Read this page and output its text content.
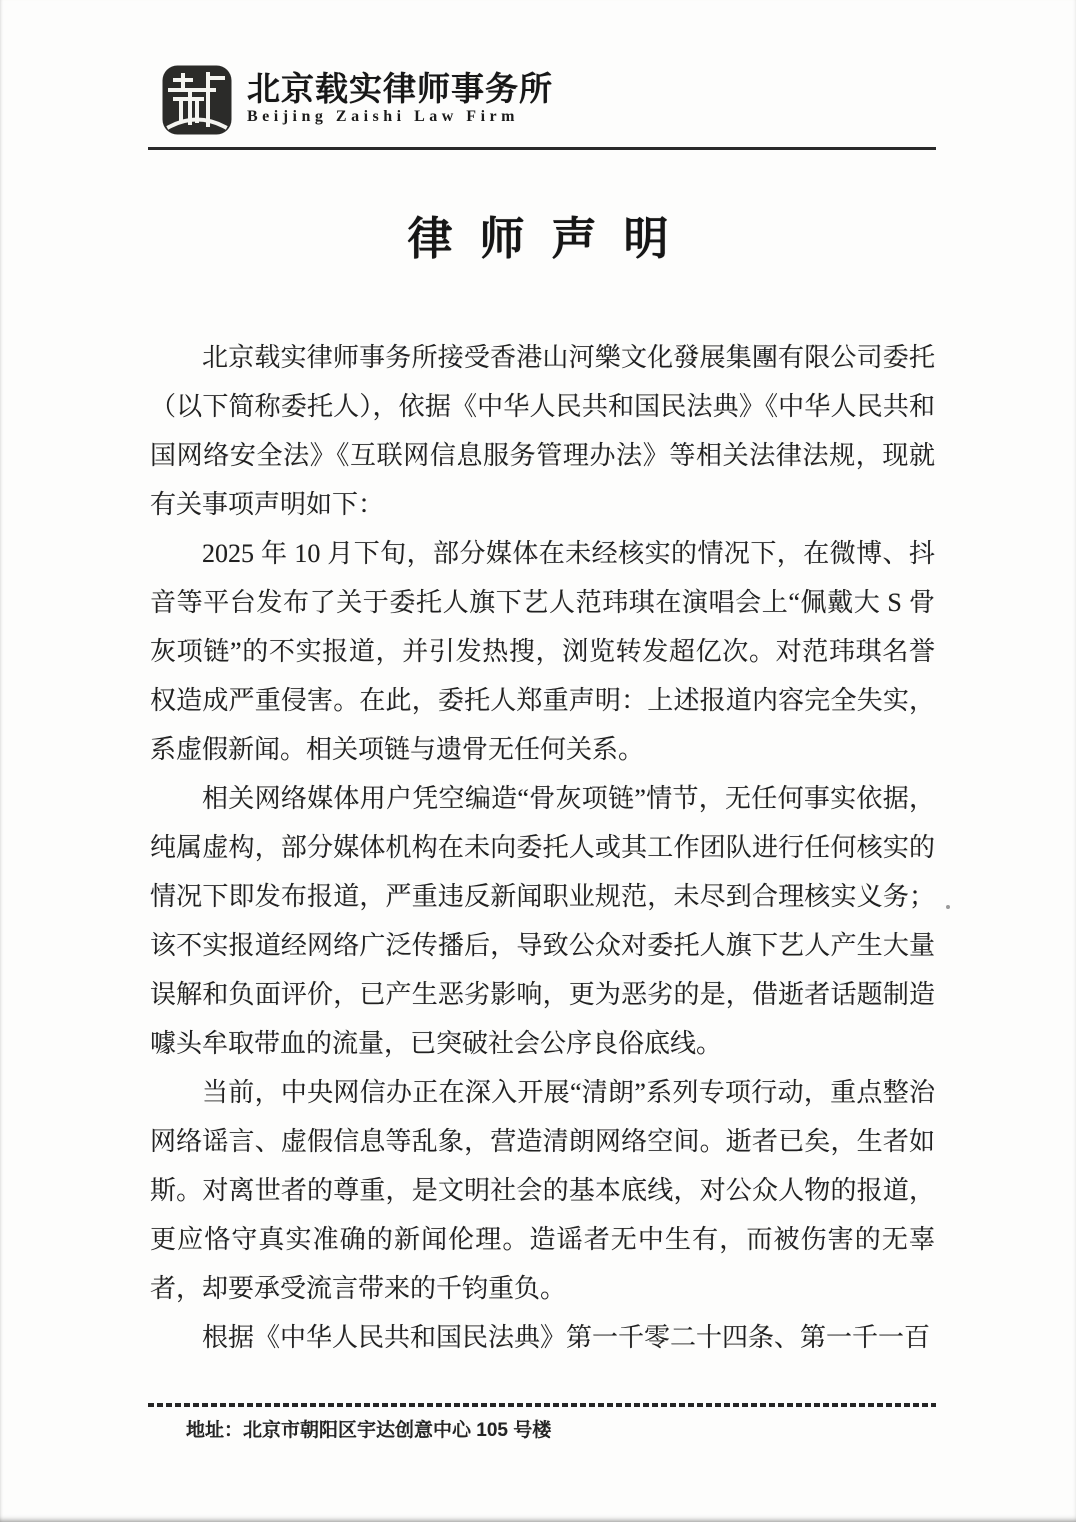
北京载实律师事务所
Beijing Zaishi Law Firm
律师声明

北京载实律师事务所接受香港山河樂文化發展集團有限公司委托（以下简称委托人），依据《中华人民共和国民法典》《中华人民共和国网络安全法》《互联网信息服务管理办法》等相关法律法规，现就有关事项声明如下：

2025 年 10 月下旬，部分媒体在未经核实的情况下，在微博、抖音等平台发布了关于委托人旗下艺人范玮琪在演唱会上“佩戴大 S 骨灰项链”的不实报道，并引发热搜，浏览转发超亿次。对范玮琪名誉权造成严重侵害。在此，委托人郑重声明：上述报道内容完全失实，系虚假新闻。相关项链与遗骨无任何关系。

相关网络媒体用户凭空编造“骨灰项链”情节，无任何事实依据，纯属虚构，部分媒体机构在未向委托人或其工作团队进行任何核实的情况下即发布报道，严重违反新闻职业规范，未尽到合理核实义务；该不实报道经网络广泛传播后，导致公众对委托人旗下艺人产生大量误解和负面评价，已产生恶劣影响，更为恶劣的是，借逝者话题制造噱头牟取带血的流量，已突破社会公序良俗底线。

当前，中央网信办正在深入开展“清朗”系列专项行动，重点整治网络谣言、虚假信息等乱象，营造清朗网络空间。逝者已矣，生者如斯。对离世者的尊重，是文明社会的基本底线，对公众人物的报道，更应恪守真实准确的新闻伦理。造谣者无中生有，而被伤害的无辜者，却要承受流言带来的千钧重负。

根据《中华人民共和国民法典》第一千零二十四条、第一千一百

地址：北京市朝阳区宇达创意中心 105 号楼
